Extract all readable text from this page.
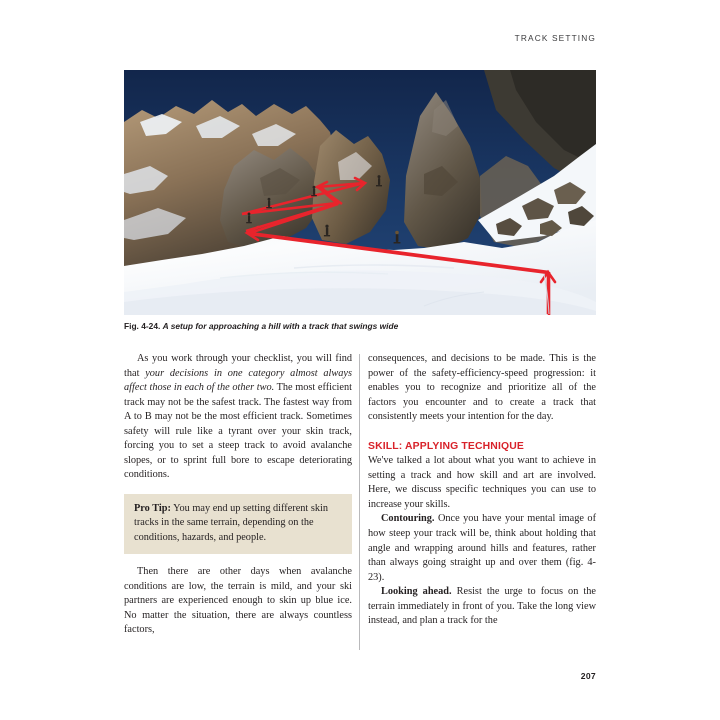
TRACK SETTING
Fig. 4-24. A setup for approaching a hill with a track that swings wide

As you work through your checklist, you will find that your decisions in one category almost always affect those in each of the other two. The most efficient track may not be the safest track. The fastest way from A to B may not be the most efficient track. Sometimes safety will rule like a tyrant over your skin track, forcing you to set a steep track to avoid avalanche slopes, or to sprint full bore to escape deteriorating conditions.

Pro Tip: You may end up setting different skin tracks in the same terrain, depending on the conditions, hazards, and people.

Then there are other days when avalanche conditions are low, the terrain is mild, and your ski partners are experienced enough to skin up blue ice. No matter the situation, there are always countless factors,

consequences, and decisions to be made. This is the power of the safety-efficiency-speed progression: it enables you to recognize and prioritize all of the factors you encounter and to create a track that consistently meets your intention for the day.

SKILL: APPLYING TECHNIQUE

We've talked a lot about what you want to achieve in setting a track and how skill and art are involved. Here, we discuss specific techniques you can use to increase your skills.

Contouring. Once you have your mental image of how steep your track will be, think about holding that angle and wrapping around hills and features, rather than always going straight up and over them (fig. 4-23).

Looking ahead. Resist the urge to focus on the terrain immediately in front of you. Take the long view instead, and plan a track for the

207
